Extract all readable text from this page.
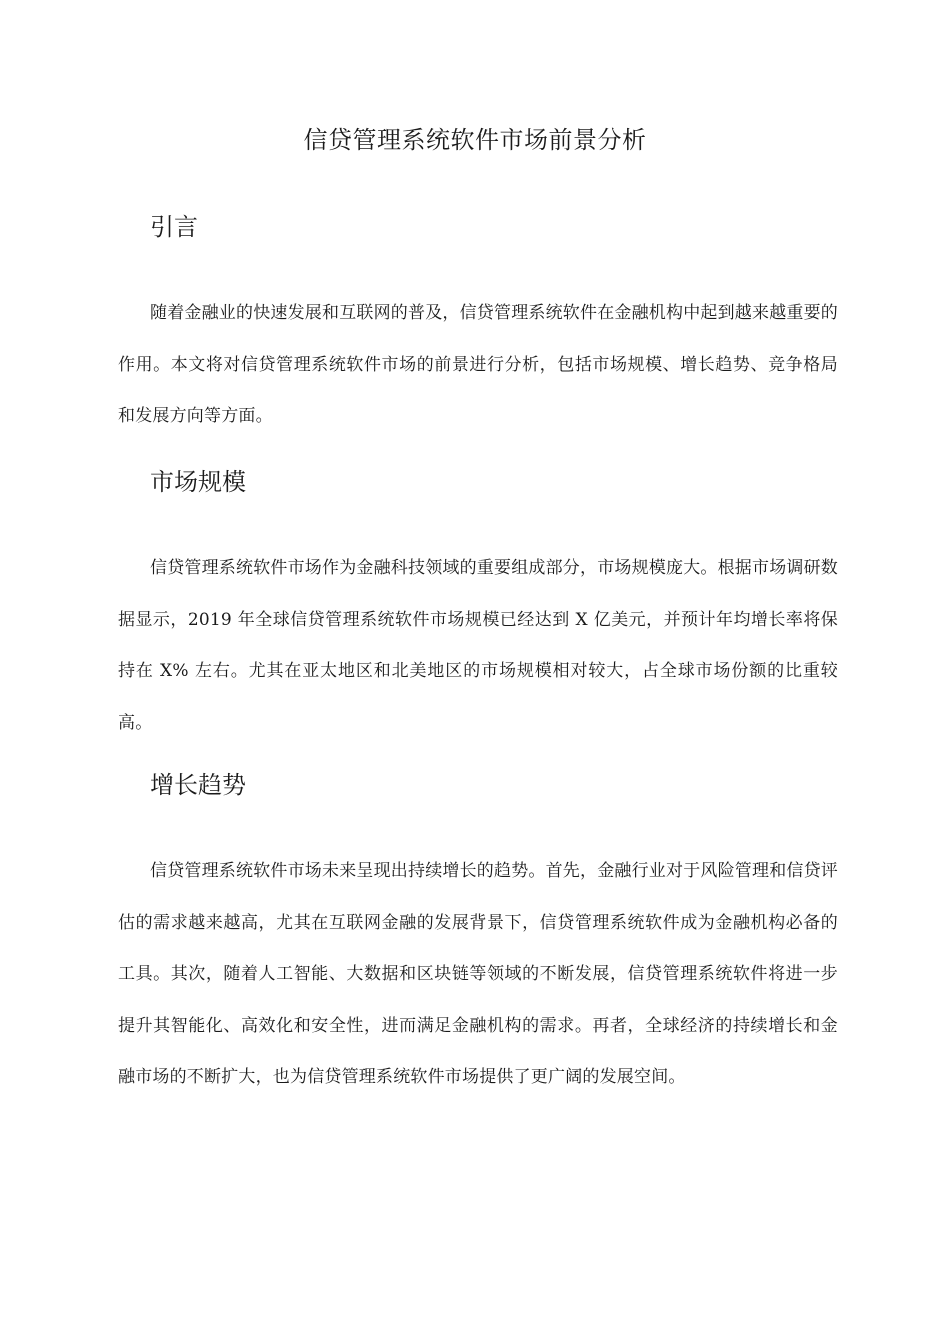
信贷管理系统软件市场前景分析
引言

随着金融业的快速发展和互联网的普及，信贷管理系统软件在金融机构中起到越来越重要的作用。本文将对信贷管理系统软件市场的前景进行分析，包括市场规模、增长趋势、竞争格局和发展方向等方面。

市场规模

信贷管理系统软件市场作为金融科技领域的重要组成部分，市场规模庞大。根据市场调研数据显示，2019 年全球信贷管理系统软件市场规模已经达到 X 亿美元，并预计年均增长率将保持在 X% 左右。尤其在亚太地区和北美地区的市场规模相对较大，占全球市场份额的比重较高。

增长趋势

信贷管理系统软件市场未来呈现出持续增长的趋势。首先，金融行业对于风险管理和信贷评估的需求越来越高，尤其在互联网金融的发展背景下，信贷管理系统软件成为金融机构必备的工具。其次，随着人工智能、大数据和区块链等领域的不断发展，信贷管理系统软件将进一步提升其智能化、高效化和安全性，进而满足金融机构的需求。再者，全球经济的持续增长和金融市场的不断扩大，也为信贷管理系统软件市场提供了更广阔的发展空间。
